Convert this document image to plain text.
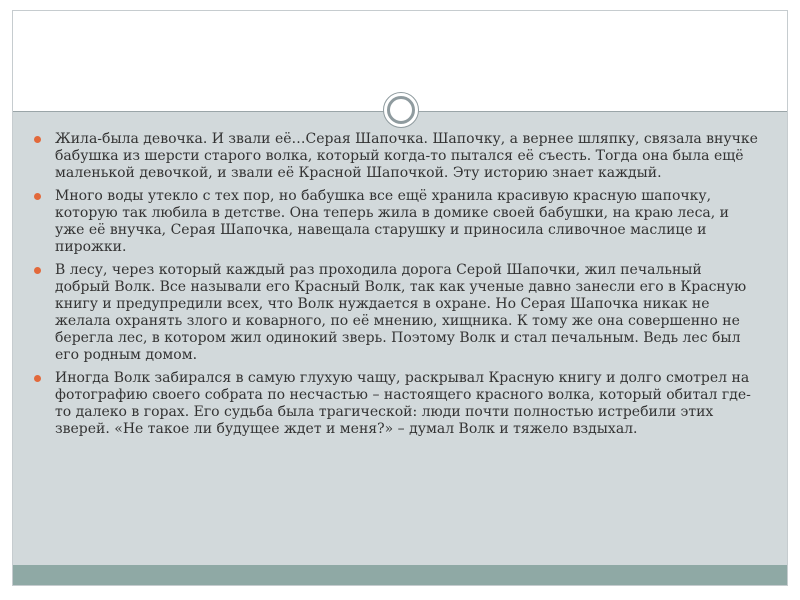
Жила-была девочка. И звали её…Серая Шапочка. Шапочку, а вернее шляпку, связала внучке бабушка из шерсти старого волка, который когда-то пытался её съесть. Тогда она была ещё маленькой девочкой, и звали её Красной Шапочкой. Эту историю знает каждый.
Много воды утекло с тех пор, но бабушка все ещё хранила красивую красную шапочку, которую так любила в детстве. Она теперь жила в домике своей бабушки, на краю леса, и уже её внучка, Серая Шапочка, навещала старушку и приносила сливочное маслице и пирожки.
В лесу, через который каждый раз проходила дорога Серой Шапочки, жил печальный добрый Волк. Все называли его Красный Волк, так как ученые давно занесли его в Красную книгу и предупредили всех, что Волк нуждается в охране. Но Серая Шапочка никак не желала охранять злого и коварного, по её мнению, хищника. К тому же она совершенно не берегла лес, в котором жил одинокий зверь. Поэтому Волк и стал печальным. Ведь лес был его родным домом.
Иногда Волк забирался в самую глухую чащу, раскрывал Красную книгу и долго смотрел на фотографию своего собрата по несчастью – настоящего красного волка, который обитал где-то далеко в горах. Его судьба была трагической: люди почти полностью истребили этих зверей. «Не такое ли будущее ждет и меня?» – думал Волк и тяжело вздыхал.
